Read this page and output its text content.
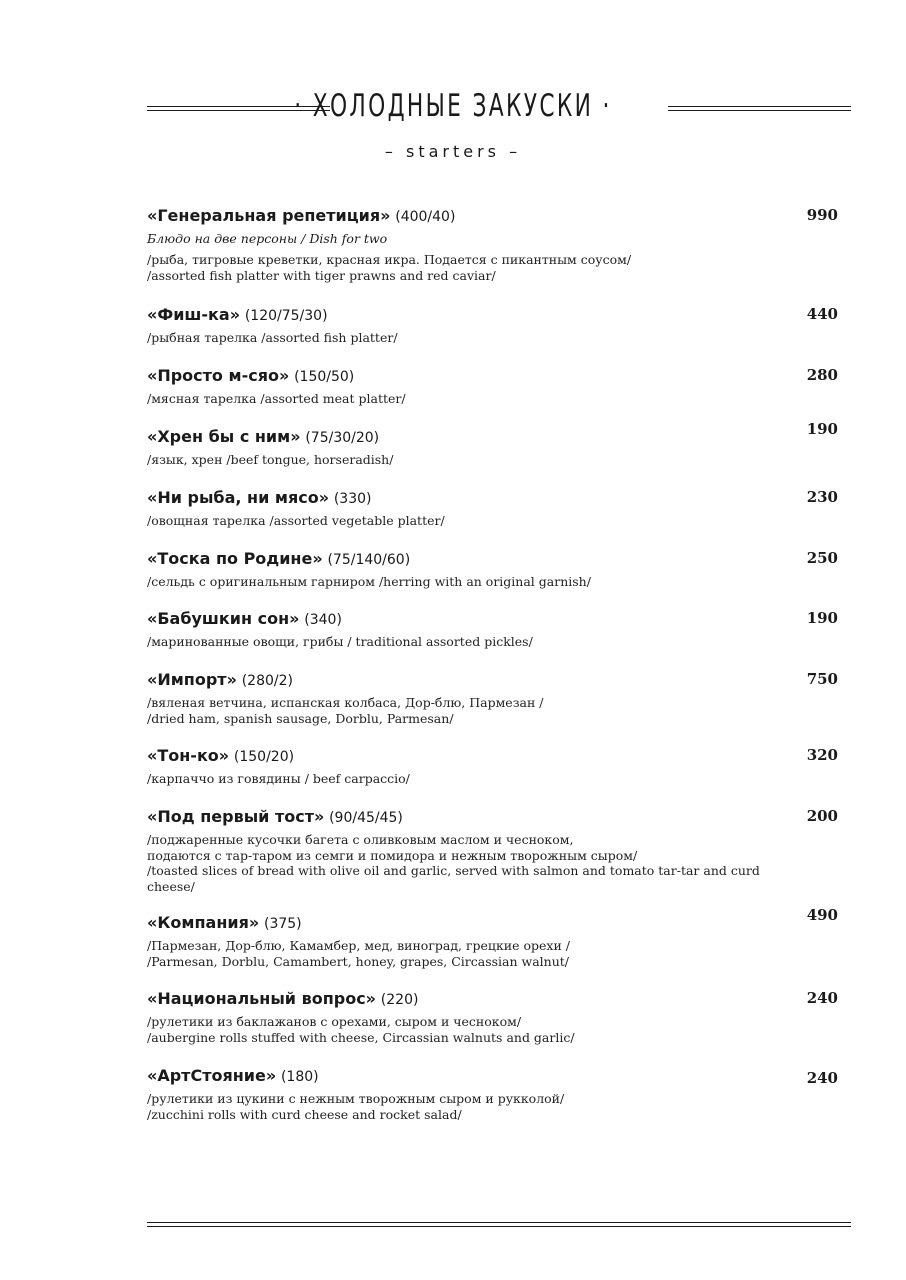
· ХОЛОДНЫЕ ЗАКУСКИ ·
– starters –
«Генеральная репетиция» (400/40)
Блюдо на две персоны / Dish for two
/рыба, тигровые креветки, красная икра. Подается с пикантным соусом/
/assorted fish platter with tiger prawns and red caviar/
990
«Фиш-ка» (120/75/30)
/рыбная тарелка /assorted fish platter/
440
«Просто м-сяо» (150/50)
/мясная тарелка /assorted meat platter/
280
«Хрен бы с ним» (75/30/20)
/язык, хрен /beef tongue, horseradish/
190
«Ни рыба, ни мясо» (330)
/овощная тарелка /assorted vegetable platter/
230
«Тоска по Родине» (75/140/60)
/сельдь с оригинальным гарниром /herring with an original garnish/
250
«Бабушкин сон» (340)
/маринованные овощи, грибы / traditional assorted pickles/
190
«Импорт» (280/2)
/вяленая ветчина, испанская колбаса, Дор-блю, Пармезан /
/dried ham, spanish sausage, Dorblu, Parmesan/
750
«Тон-ко» (150/20)
/карпаччо из говядины / beef carpaccio/
320
«Под первый тост» (90/45/45)
/поджаренные кусочки багета с оливковым маслом и чесноком,
подаются с тар-таром из семги и помидора и нежным творожным сыром/
/toasted slices of bread with olive oil and garlic, served with salmon and tomato tar-tar and curd
cheese/
200
«Компания» (375)
/Пармезан, Дор-блю, Камамбер, мед, виноград, грецкие орехи /
/Parmesan, Dorblu, Camambert, honey, grapes, Circassian walnut/
490
«Национальный вопрос» (220)
/рулетики из баклажанов с орехами, сыром и чесноком/
/aubergine rolls stuffed with cheese, Circassian walnuts and garlic/
240
«АртСтояние» (180)
/рулетики из цукини с нежным творожным сыром и рукколой/
/zucchini rolls with curd cheese and rocket salad/
240
